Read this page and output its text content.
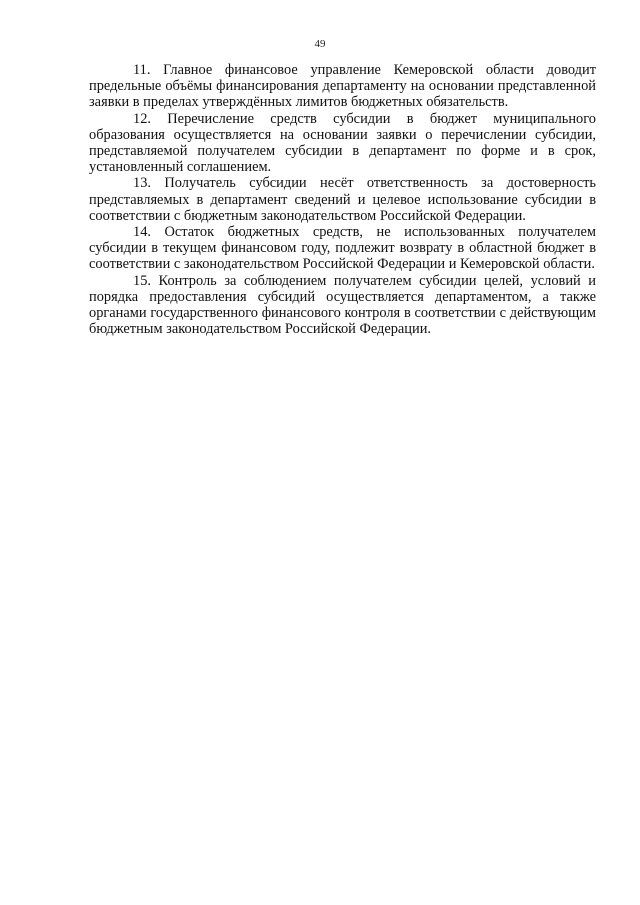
49

11. Главное финансовое управление Кемеровской области доводит предельные объёмы финансирования департаменту на основании представленной заявки в пределах утверждённых лимитов бюджетных обязательств.

12. Перечисление средств субсидии в бюджет муниципального образования осуществляется на основании заявки о перечислении субсидии, представляемой получателем субсидии в департамент по форме и в срок, установленный соглашением.

13. Получатель субсидии несёт ответственность за достоверность представляемых в департамент сведений и целевое использование субсидии в соответствии с бюджетным законодательством Российской Федерации.

14. Остаток бюджетных средств, не использованных получателем субсидии в текущем финансовом году, подлежит возврату в областной бюджет в соответствии с законодательством Российской Федерации и Кемеровской области.

15. Контроль за соблюдением получателем субсидии целей, условий и порядка предоставления субсидий осуществляется департаментом, а также органами государственного финансового контроля в соответствии с действующим бюджетным законодательством Российской Федерации.
